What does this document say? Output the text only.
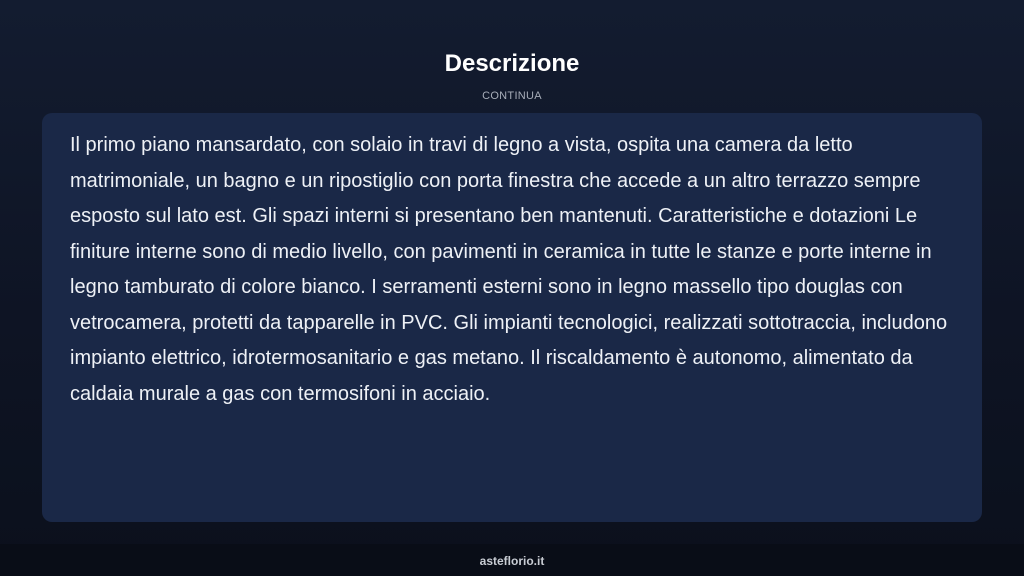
Descrizione
CONTINUA

Il primo piano mansardato, con solaio in travi di legno a vista, ospita una camera da letto matrimoniale, un bagno e un ripostiglio con porta finestra che accede a un altro terrazzo sempre esposto sul lato est. Gli spazi interni si presentano ben mantenuti. Caratteristiche e dotazioni Le finiture interne sono di medio livello, con pavimenti in ceramica in tutte le stanze e porte interne in legno tamburato di colore bianco. I serramenti esterni sono in legno massello tipo douglas con vetrocamera, protetti da tapparelle in PVC. Gli impianti tecnologici, realizzati sottotraccia, includono impianto elettrico, idrotermosanitario e gas metano. Il riscaldamento è autonomo, alimentato da caldaia murale a gas con termosifoni in acciaio.

asteflorio.it
